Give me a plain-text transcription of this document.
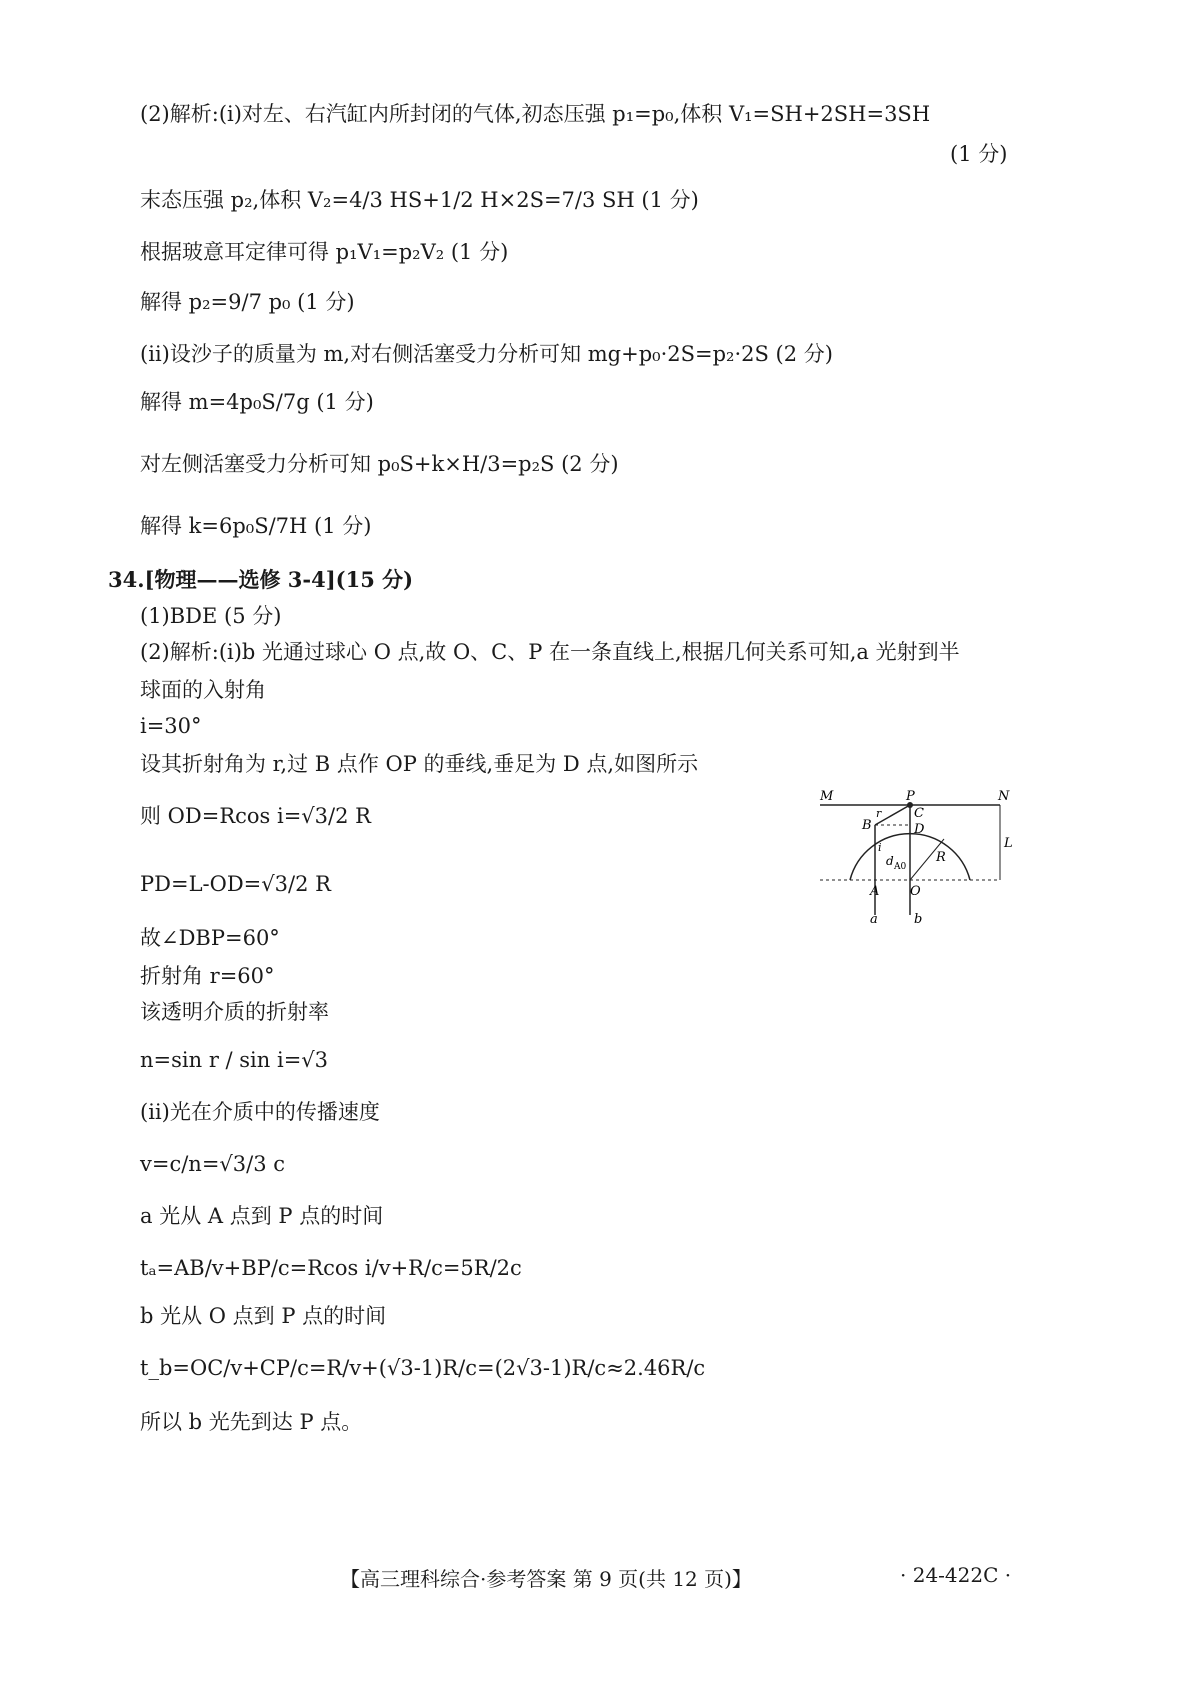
(2)解析:(ⅰ)对左、右汽缸内所封闭的气体,初态压强 p₁=p₀,体积 V₁=SH+2SH=3SH
(1 分)
末态压强 p₂,体积 V₂=4/3 HS+1/2 H×2S=7/3 SH (1 分)
根据玻意耳定律可得 p₁V₁=p₂V₂ (1 分)
解得 p₂=9/7 p₀ (1 分)
(ⅱ)设沙子的质量为 m,对右侧活塞受力分析可知 mg+p₀·2S=p₂·2S (2 分)
解得 m=4p₀S/7g (1 分)
对左侧活塞受力分析可知 p₀S+k×H/3=p₂S (2 分)
解得 k=6p₀S/7H (1 分)
34.[物理——选修 3-4](15 分)
(1)BDE (5 分)
(2)解析:(ⅰ)b 光通过球心 O 点,故 O、C、P 在一条直线上,根据几何关系可知,a 光射到半
球面的入射角
i=30°
设其折射角为 r,过 B 点作 OP 的垂线,垂足为 D 点,如图所示
则 OD=Rcos i=√3/2 R
PD=L-OD=√3/2 R
故∠DBP=60°
折射角 r=60°
该透明介质的折射率
n=sin r / sin i=√3
(ⅱ)光在介质中的传播速度
v=c/n=√3/3 c
a 光从 A 点到 P 点的时间
tₐ=AB/v+BP/c=Rcos i/v+R/c=5R/2c
b 光从 O 点到 P 点的时间
t_b=OC/v+CP/c=R/v+(√3-1)R/c=(2√3-1)R/c≈2.46R/c
所以 b 光先到达 P 点。
【高三理科综合·参考答案 第 9 页(共 12 页)】	· 24-422C ·
M	P	N
C
r
B	D
L
i
R
d A0
A O
a	b
